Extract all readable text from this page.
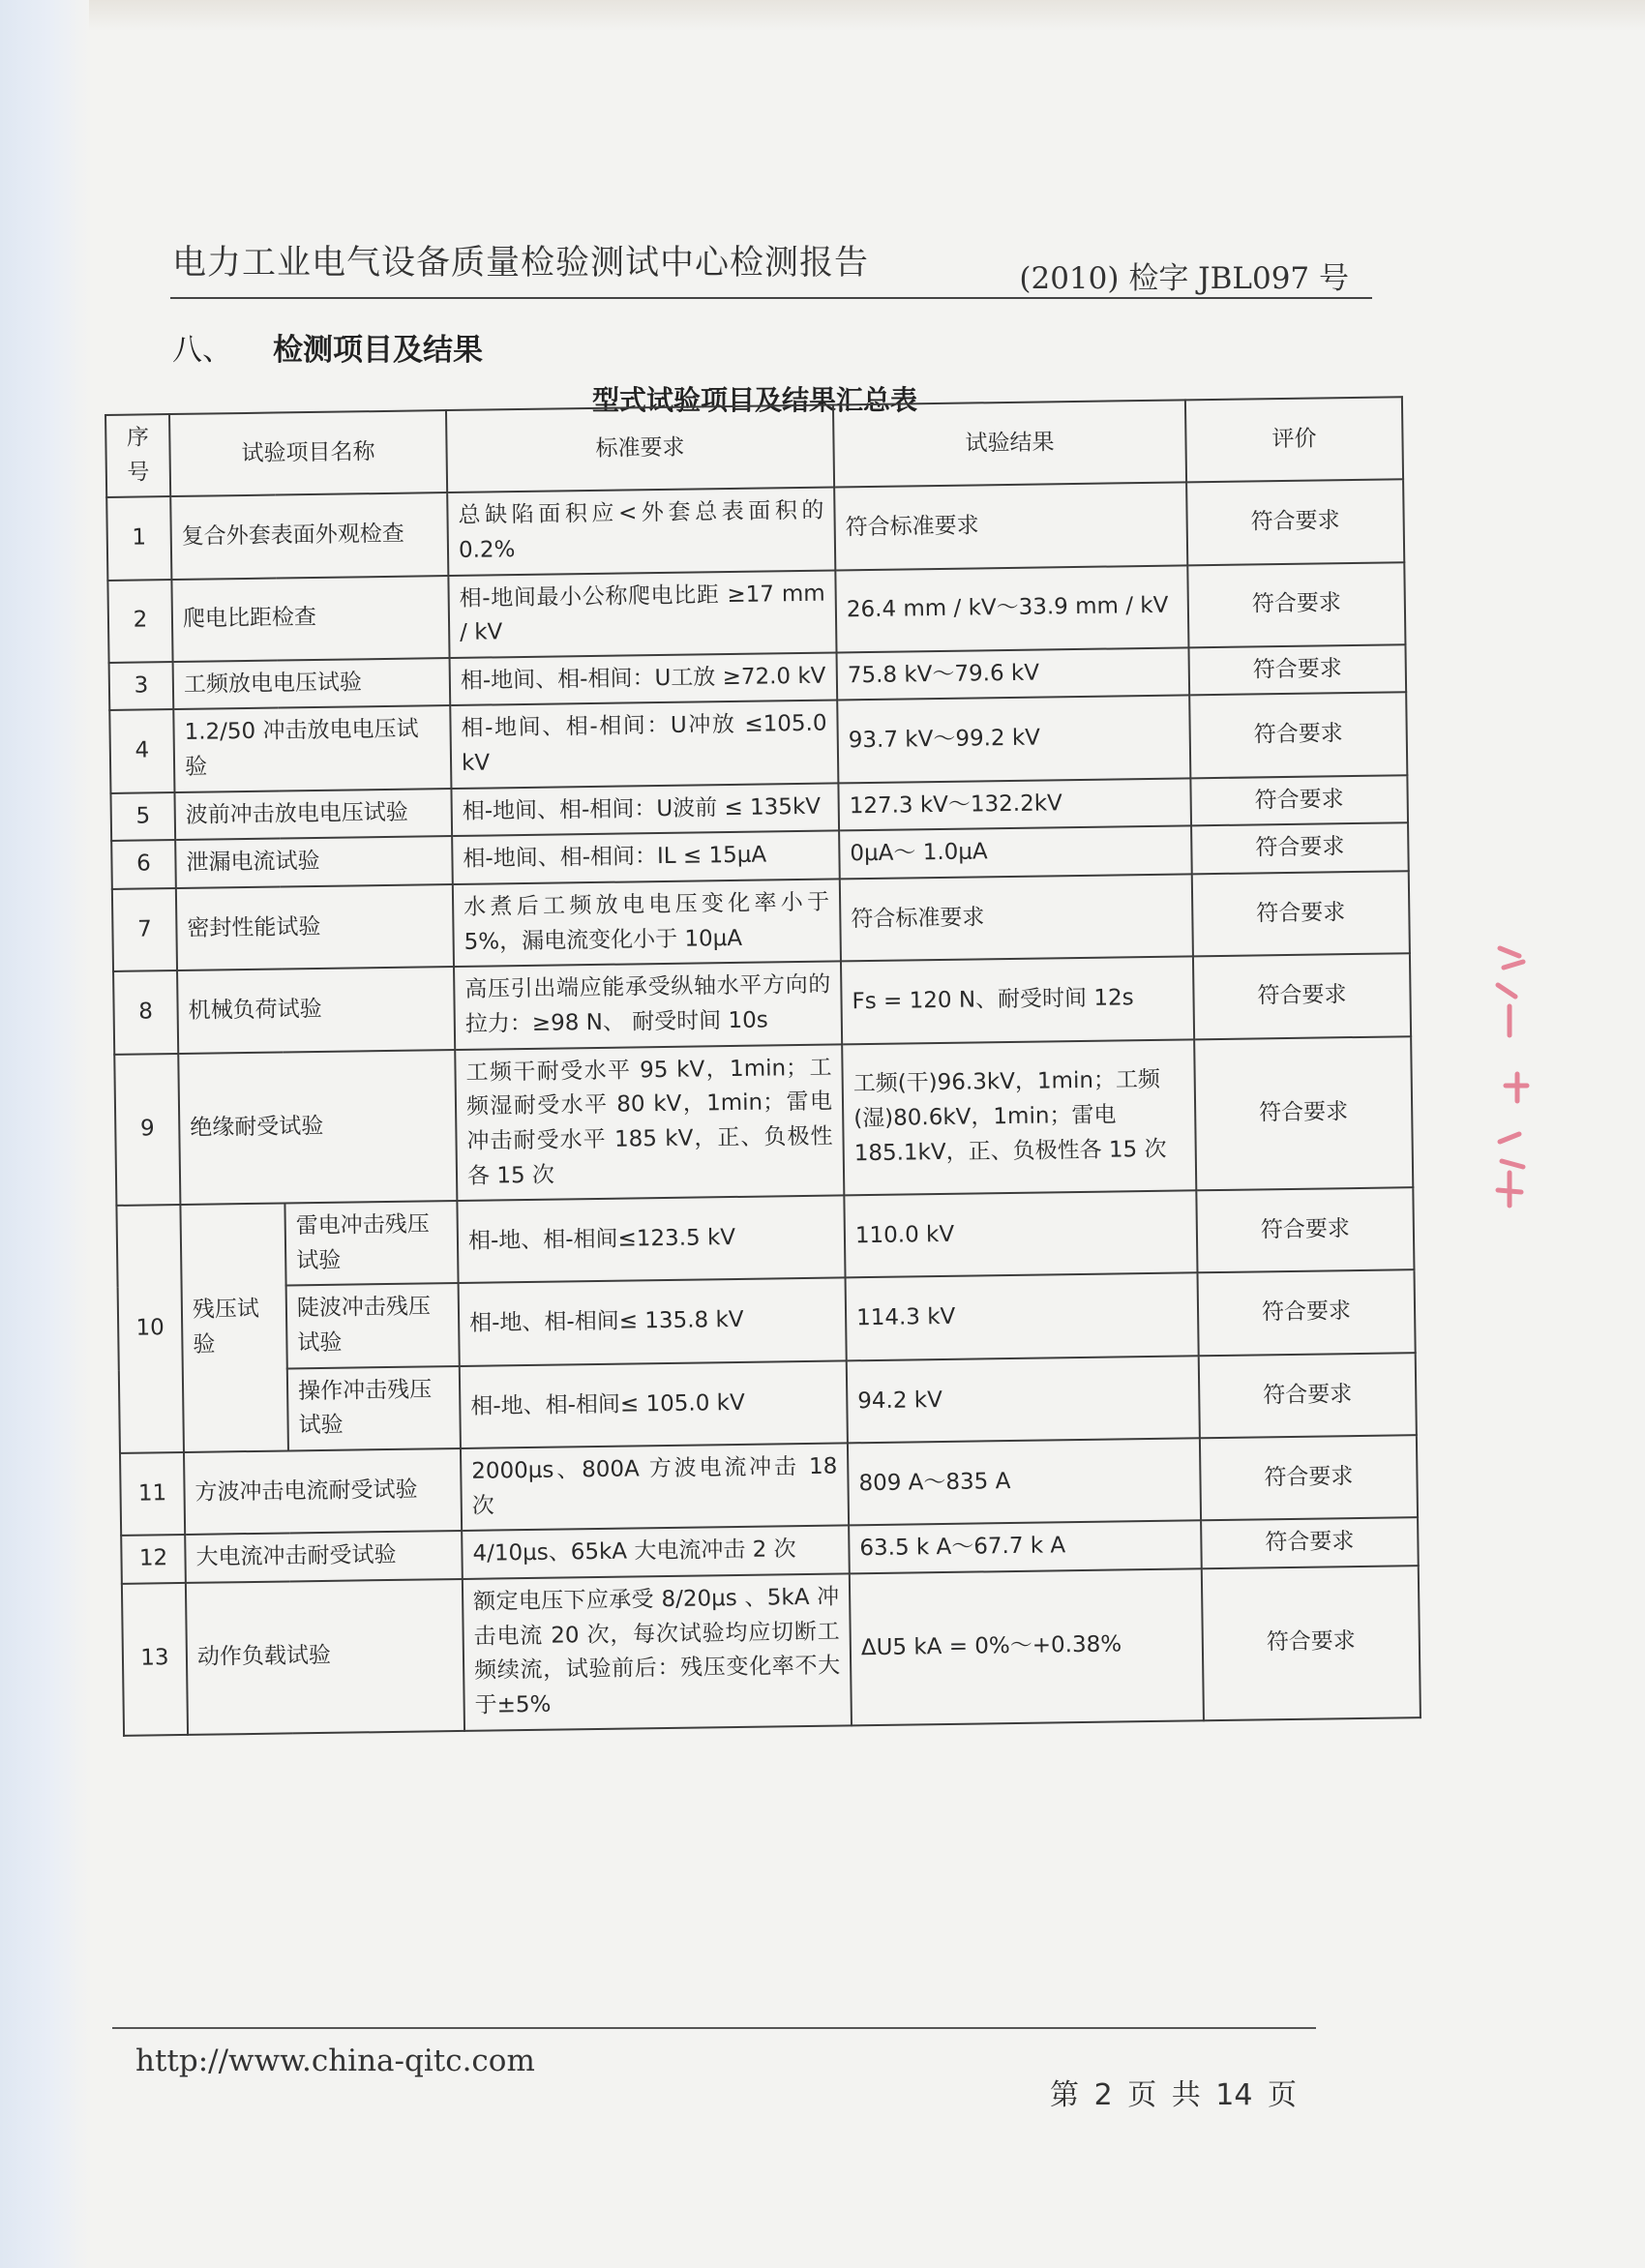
电力工业电气设备质量检验测试中心检测报告	(2010) 检字 JBL097 号
八、 检测项目及结果
型式试验项目及结果汇总表
序号	试验项目名称		标准要求	试验结果	评价
1	复合外套表面外观检查		总缺陷面积应<外套总表面积的 0.2%	符合标准要求	符合要求
2	爬电比距检查		相-地间最小公称爬电比距 ≥17 mm / kV	26.4 mm / kV～33.9 mm / kV	符合要求
3	工频放电电压试验		相-地间、相-相间：U工放 ≥72.0 kV	75.8 kV～79.6 kV	符合要求
4	1.2/50 冲击放电电压试验		相-地间、相-相间：U冲放 ≤105.0 kV	93.7 kV～99.2 kV	符合要求
5	波前冲击放电电压试验		相-地间、相-相间：U波前 ≤ 135kV	127.3 kV～132.2kV	符合要求
6	泄漏电流试验		相-地间、相-相间：IL ≤ 15μA	0μA～ 1.0μA	符合要求
7	密封性能试验		水煮后工频放电电压变化率小于5%，漏电流变化小于 10μA	符合标准要求	符合要求
8	机械负荷试验		高压引出端应能承受纵轴水平方向的拉力：≥98 N、 耐受时间 10s	Fs = 120 N、耐受时间 12s	符合要求
9	绝缘耐受试验		工频干耐受水平 95 kV，1min；工频湿耐受水平 80 kV，1min；雷电冲击耐受水平 185 kV，正、负极性各 15 次	工频(干)96.3kV，1min；工频(湿)80.6kV，1min；雷电 185.1kV，正、负极性各 15 次	符合要求
10	残压试验	雷电冲击残压试验	相-地、相-相间≤123.5 kV	110.0 kV	符合要求
		陡波冲击残压试验	相-地、相-相间≤ 135.8 kV	114.3 kV	符合要求
		操作冲击残压试验	相-地、相-相间≤ 105.0 kV	94.2 kV	符合要求
11	方波冲击电流耐受试验		2000μs、800A 方波电流冲击 18 次	809 A～835 A	符合要求
12	大电流冲击耐受试验		4/10μs、65kA 大电流冲击 2 次	63.5 k A～67.7 k A	符合要求
13	动作负载试验		额定电压下应承受 8/20μs 、5kA 冲击电流 20 次，每次试验均应切断工频续流，试验前后：残压变化率不大于±5%	ΔU5 kA = 0%～+0.38%	符合要求
http://www.china-qitc.com
第 2 页 共 14 页
